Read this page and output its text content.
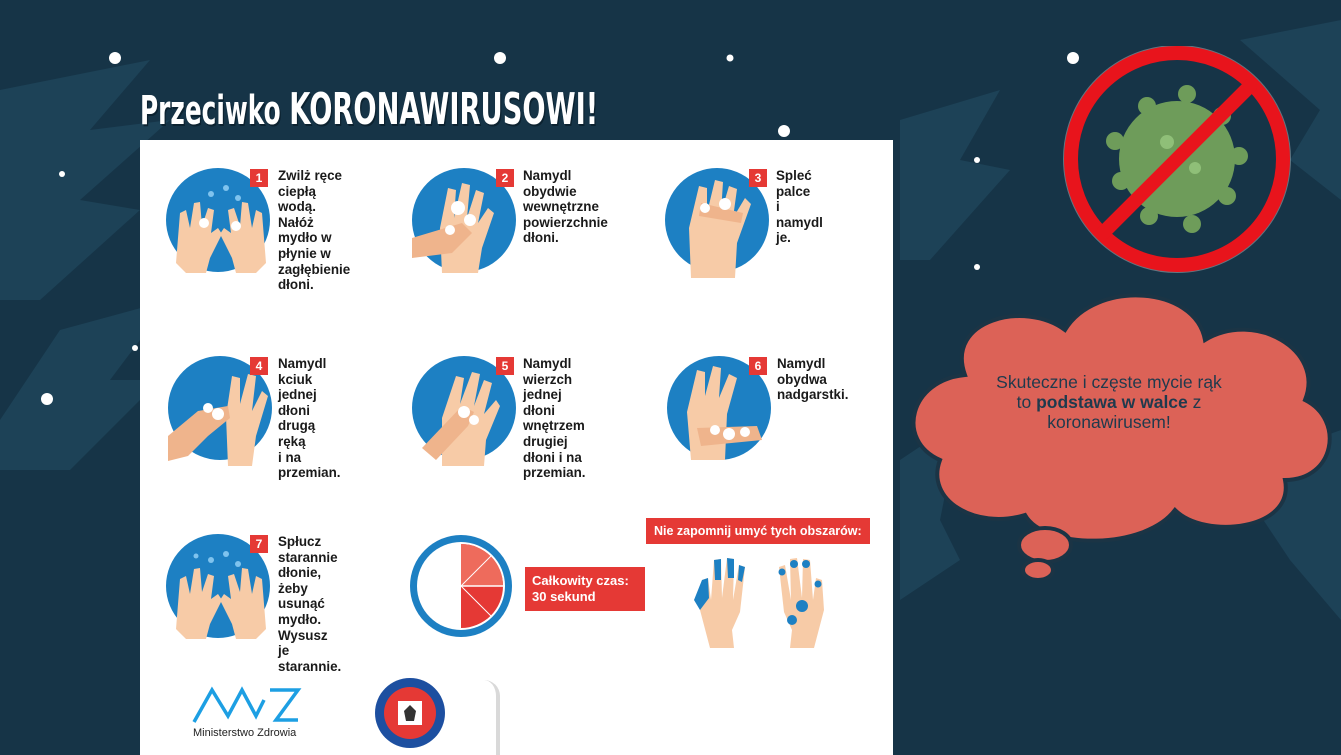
Przeciwko KORONAWIRUSOWI!
1	Zwilż ręce ciepłą
wodą. Nałóż
mydło w płynie w
zagłębienie dłoni.
2	Namydl obydwie
wewnętrzne
powierzchnie
dłoni.
3	Spleć palce
i namydl je.
4	Namydl kciuk
jednej dłoni
drugą ręką
i na przemian.
5	Namydl wierzch
jednej dłoni
wnętrzem drugiej
dłoni i na przemian.
6	Namydl
obydwa
nadgarstki.
7	Spłucz starannie
dłonie, żeby usunąć
mydło. Wysusz je
starannie.
Całkowity czas:
30 sekund
Nie zapomnij umyć tych obszarów:
Ministerstwo Zdrowia
Skuteczne i częste mycie rąk
to podstawa w walce z
koronawirusem!
